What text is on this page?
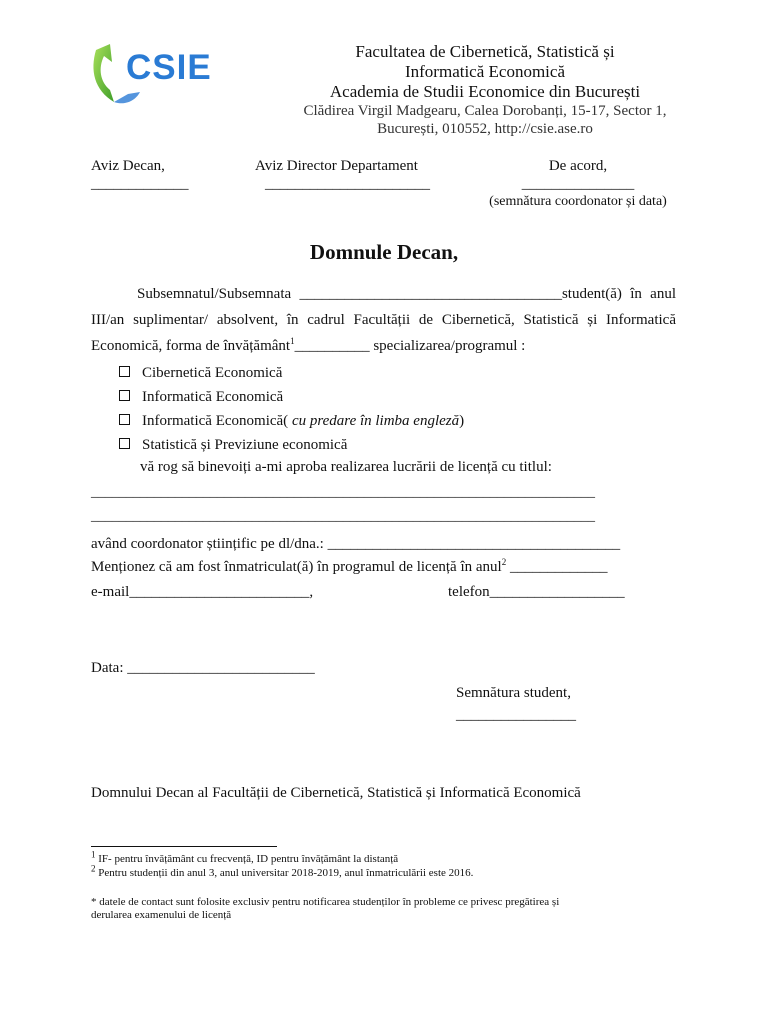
CSIE	Facultatea de Cibernetică, Statistică și
Informatică Economică
Academia de Studii Economice din București
Clădirea Virgil Madgearu, Calea Dorobanți, 15-17, Sector 1,
București, 010552, http://csie.ase.ro
Aviz Decan,
_____________
Aviz Director Departament
______________________
De acord,
_______________
(semnătura coordonator și data)
Domnule Decan,
Subsemnatul/Subsemnata ___________________________________student(ă) în anul III/an suplimentar/ absolvent, în cadrul Facultății de Cibernetică, Statistică și Informatică Economică, forma de învățământ$^1$__________ specializarea/programul :
Cibernetică Economică
Informatică Economică
Informatică Economică( cu predare în limba engleză)
Statistică și Previziune economică
vă rog să binevoiți a-mi aproba realizarea lucrării de licență cu titlul:
________________________________________________________________________
________________________________________________________________________
având coordonator științific pe dl/dna.: _______________________________________
Menționez că am fost înmatriculat(ă) în programul de licență în anul$^2$ _____________
e-mail________________________,	telefon__________________
Data: _________________________
Semnătura student,
________________
Domnului Decan al Facultății de Cibernetică, Statistică și Informatică Economică
$^1$ IF- pentru învățământ cu frecvență, ID pentru învățământ la distanță
$^2$ Pentru studenții din anul 3, anul universitar 2018-2019, anul înmatriculării este 2016.
* datele de contact sunt folosite exclusiv pentru notificarea studenților în probleme ce privesc pregătirea și
derularea examenului de licență
